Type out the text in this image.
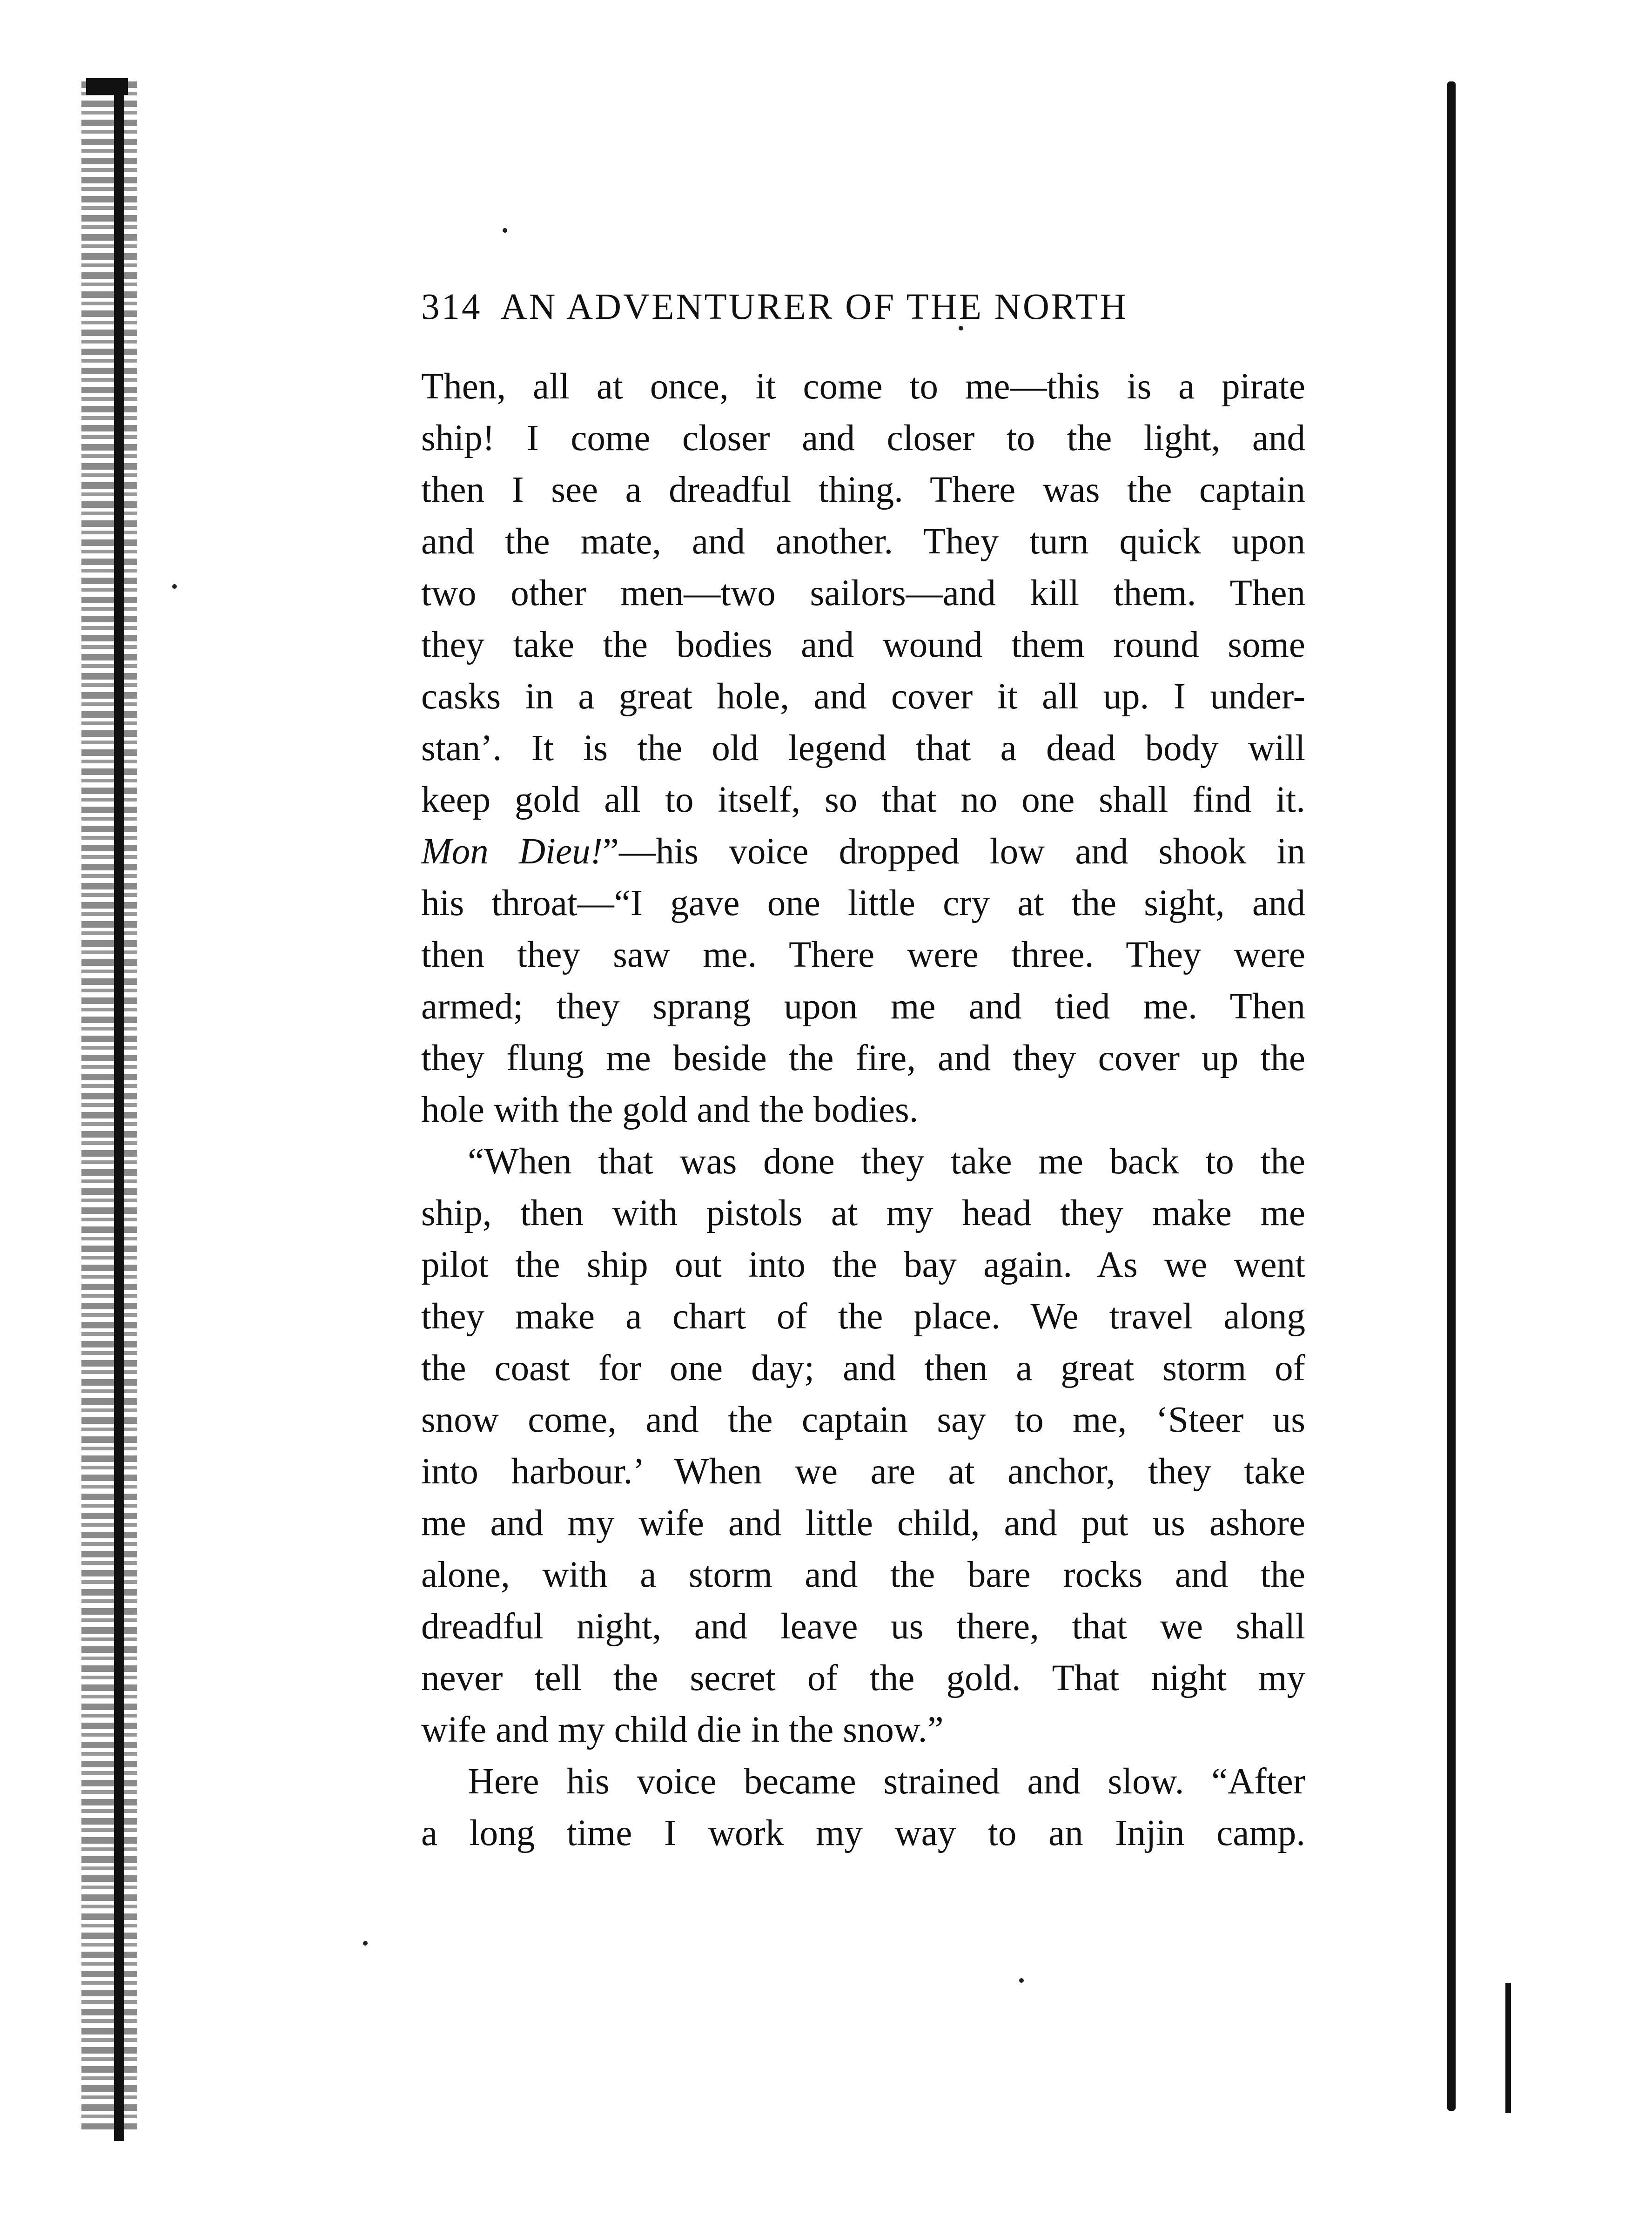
314 AN ADVENTURER OF THE NORTH
Then, all at once, it come to me—this is a pirate
ship! I come closer and closer to the light, and
then I see a dreadful thing. There was the captain
and the mate, and another. They turn quick upon
two other men—two sailors—and kill them. Then
they take the bodies and wound them round some
casks in a great hole, and cover it all up. I under-
stan’. It is the old legend that a dead body will
keep gold all to itself, so that no one shall find it.
Mon Dieu!”—his voice dropped low and shook in
his throat—“I gave one little cry at the sight, and
then they saw me. There were three. They were
armed; they sprang upon me and tied me. Then
they flung me beside the fire, and they cover up the
hole with the gold and the bodies.
“When that was done they take me back to the
ship, then with pistols at my head they make me
pilot the ship out into the bay again. As we went
they make a chart of the place. We travel along
the coast for one day; and then a great storm of
snow come, and the captain say to me, ‘Steer us
into harbour.’ When we are at anchor, they take
me and my wife and little child, and put us ashore
alone, with a storm and the bare rocks and the
dreadful night, and leave us there, that we shall
never tell the secret of the gold. That night my
wife and my child die in the snow.”
Here his voice became strained and slow. “After
a long time I work my way to an Injin camp.
